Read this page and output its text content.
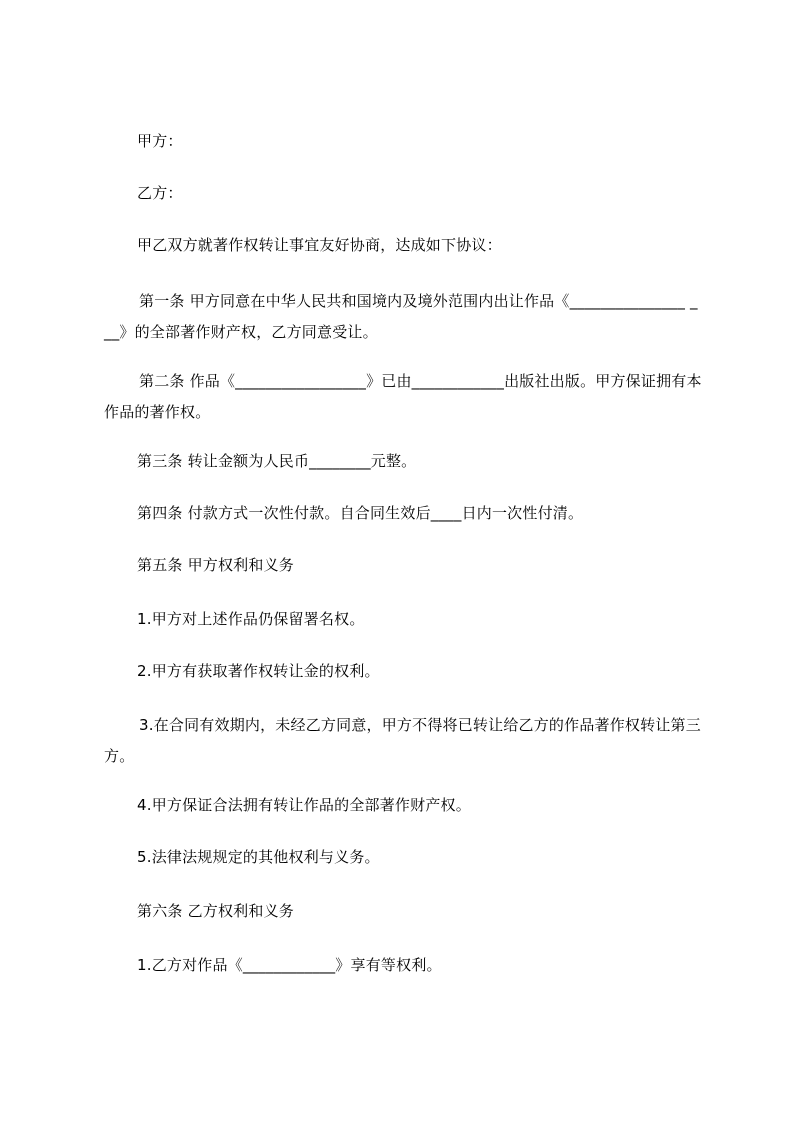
甲方：

乙方：

甲乙双方就著作权转让事宜友好协商，达成如下协议：

第一条 甲方同意在中华人民共和国境内及境外范围内出让作品《_______________ ___》的全部著作财产权，乙方同意受让。

第二条 作品《_________________》已由____________出版社出版。甲方保证拥有本作品的著作权。

第三条 转让金额为人民币________元整。

第四条 付款方式一次性付款。自合同生效后____日内一次性付清。

第五条 甲方权利和义务

1.甲方对上述作品仍保留署名权。

2.甲方有获取著作权转让金的权利。

3.在合同有效期内，未经乙方同意，甲方不得将已转让给乙方的作品著作权转让第三方。

4.甲方保证合法拥有转让作品的全部著作财产权。

5.法律法规规定的其他权利与义务。

第六条 乙方权利和义务

1.乙方对作品《____________》享有等权利。
